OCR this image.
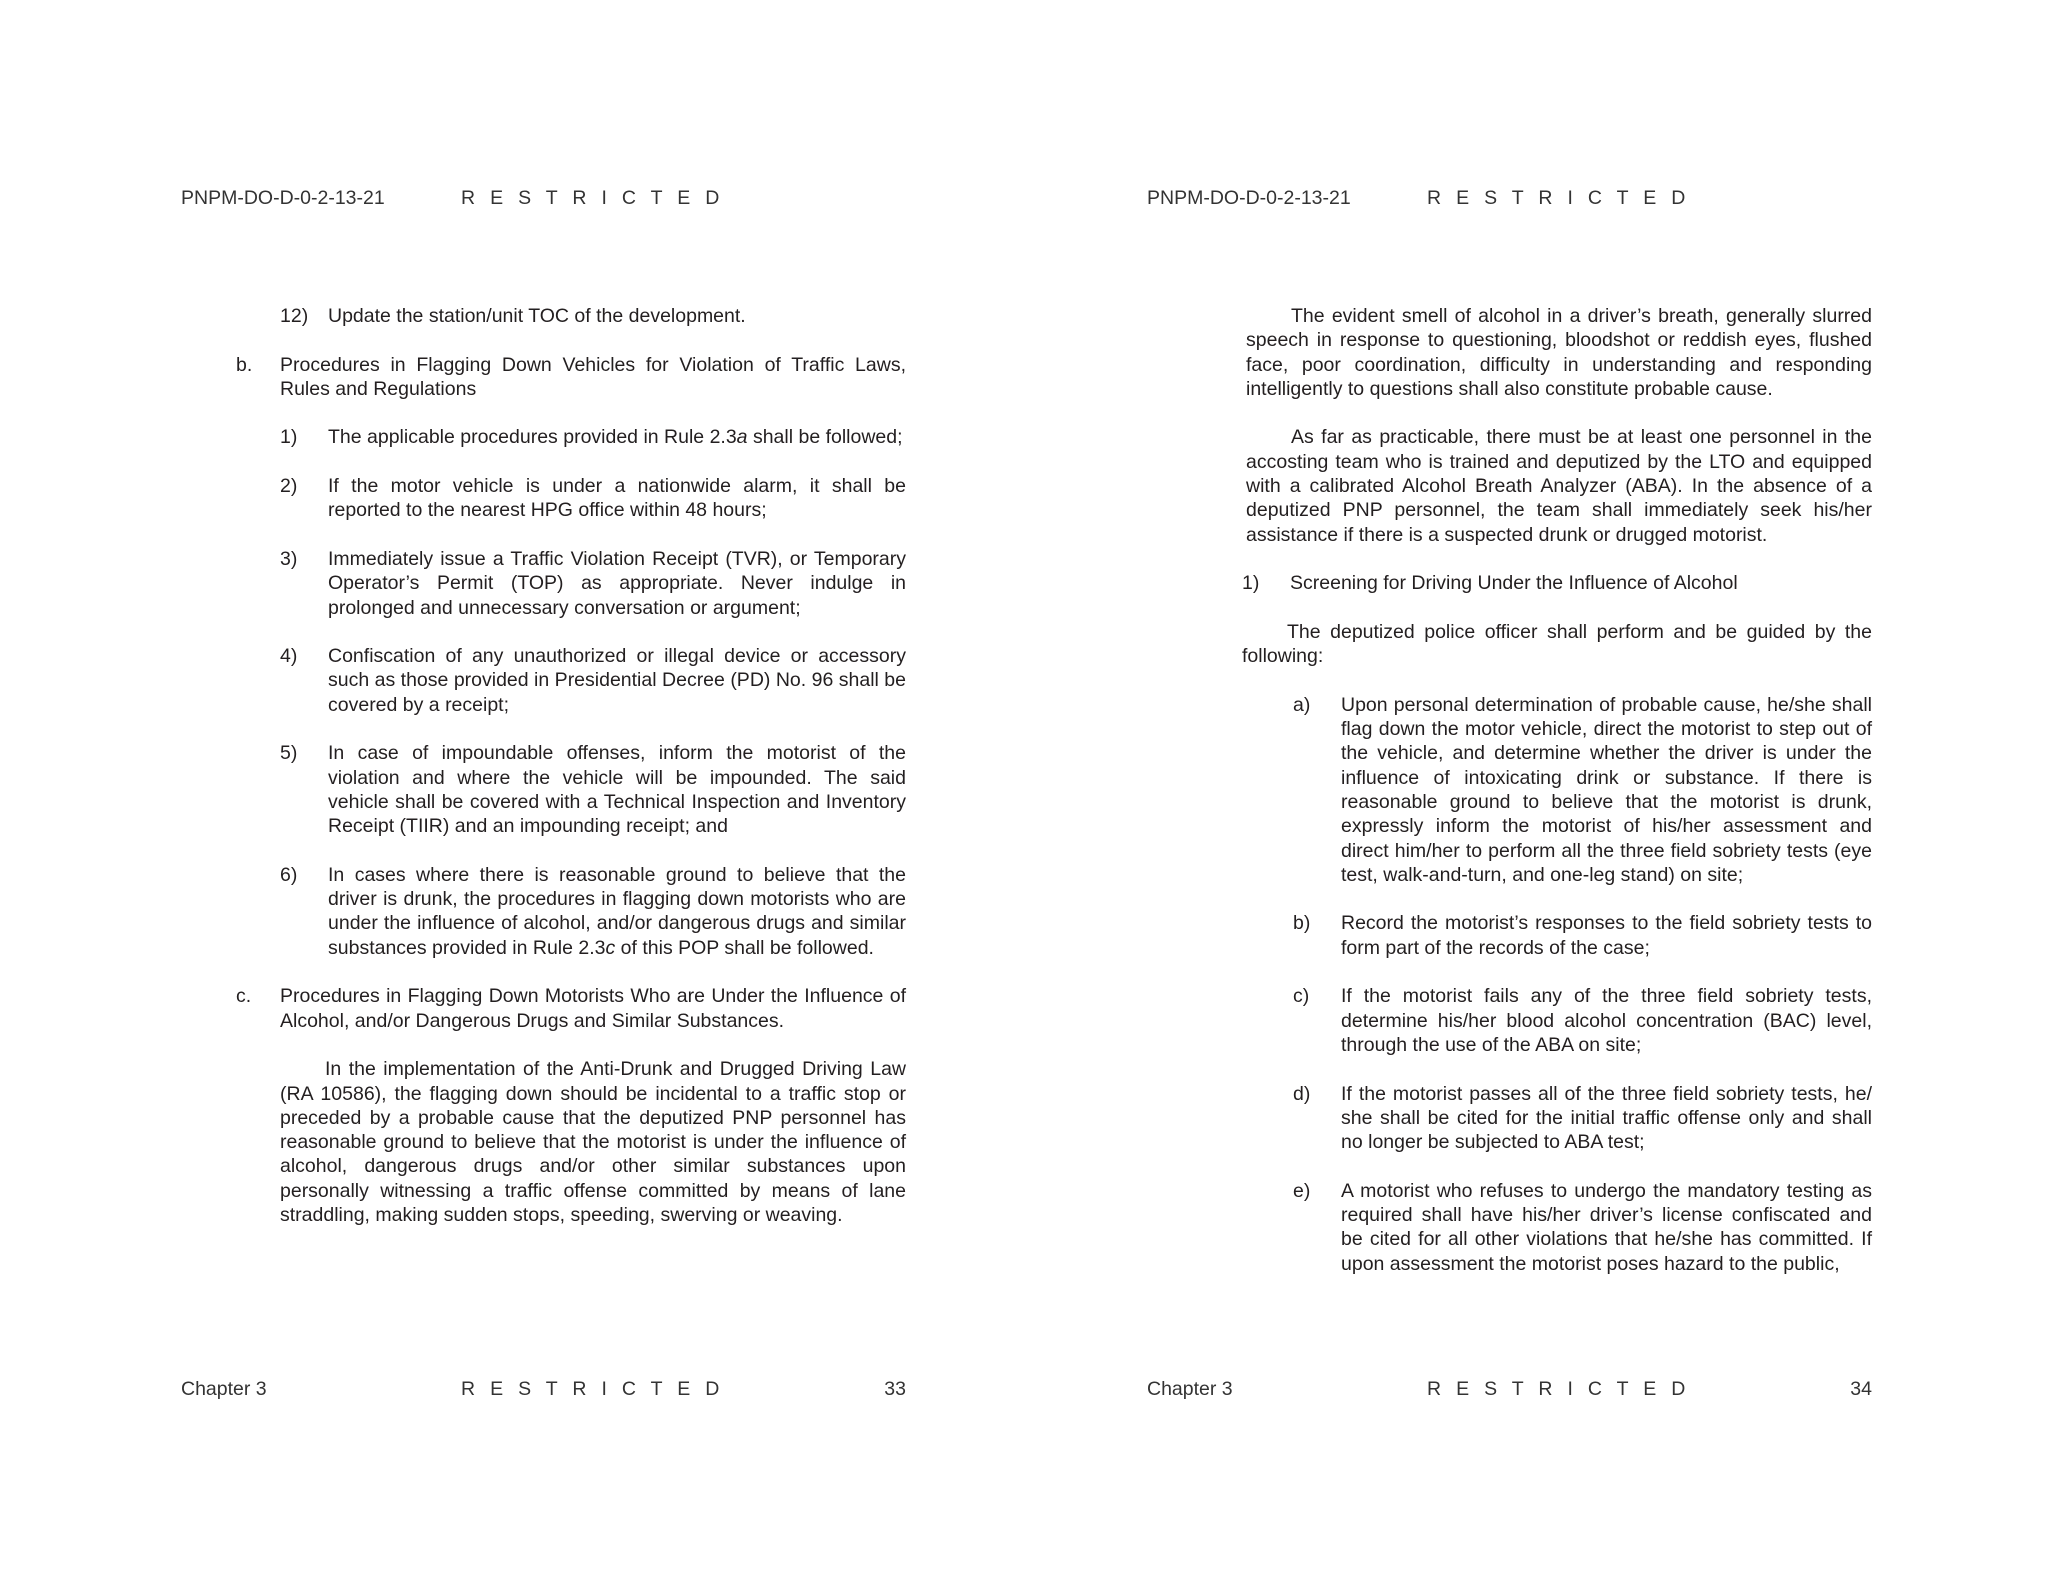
PNPM-DO-D-0-2-13-21	R E S T R I C T E D
12) Update the station/unit TOC of the development.
b. Procedures in Flagging Down Vehicles for Violation of Traffic Laws, Rules and Regulations
1) The applicable procedures provided in Rule 2.3a shall be followed;
2) If the motor vehicle is under a nationwide alarm, it shall be reported to the nearest HPG office within 48 hours;
3) Immediately issue a Traffic Violation Receipt (TVR), or Temporary Operator’s Permit (TOP) as appropriate. Never indulge in prolonged and unnecessary conversation or argument;
4) Confiscation of any unauthorized or illegal device or accessory such as those provided in Presidential Decree (PD) No. 96 shall be covered by a receipt;
5) In case of impoundable offenses, inform the motorist of the violation and where the vehicle will be impounded. The said vehicle shall be covered with a Technical Inspection and Inventory Receipt (TIIR) and an impounding receipt; and
6) In cases where there is reasonable ground to believe that the driver is drunk, the procedures in flagging down motorists who are under the influence of alcohol, and/or dangerous drugs and similar substances provided in Rule 2.3c of this POP shall be followed.
c. Procedures in Flagging Down Motorists Who are Under the Influence of Alcohol, and/or Dangerous Drugs and Similar Substances.

In the implementation of the Anti-Drunk and Drugged Driving Law (RA 10586), the flagging down should be incidental to a traffic stop or preceded by a probable cause that the deputized PNP personnel has reasonable ground to believe that the motorist is under the influence of alcohol, dangerous drugs and/or other similar substances upon personally witnessing a traffic offense committed by means of lane straddling, making sudden stops, speeding, swerving or weaving.

Chapter 3	R E S T R I C T E D	33
PNPM-DO-D-0-2-13-21	R E S T R I C T E D

The evident smell of alcohol in a driver’s breath, generally slurred speech in response to questioning, bloodshot or reddish eyes, flushed face, poor coordination, difficulty in understanding and responding intelligently to questions shall also constitute probable cause.

As far as practicable, there must be at least one personnel in the accosting team who is trained and deputized by the LTO and equipped with a calibrated Alcohol Breath Analyzer (ABA). In the absence of a deputized PNP personnel, the team shall immediately seek his/her assistance if there is a suspected drunk or drugged motorist.

1) Screening for Driving Under the Influence of Alcohol

The deputized police officer shall perform and be guided by the following:

a) Upon personal determination of probable cause, he/she shall flag down the motor vehicle, direct the motorist to step out of the vehicle, and determine whether the driver is under the influence of intoxicating drink or substance. If there is reasonable ground to believe that the motorist is drunk, expressly inform the motorist of his/her assessment and direct him/her to perform all the three field sobriety tests (eye test, walk-and-turn, and one-leg stand) on site;
b) Record the motorist’s responses to the field sobriety tests to form part of the records of the case;
c) If the motorist fails any of the three field sobriety tests, determine his/her blood alcohol concentration (BAC) level, through the use of the ABA on site;
d) If the motorist passes all of the three field sobriety tests, he/ she shall be cited for the initial traffic offense only and shall no longer be subjected to ABA test;
e) A motorist who refuses to undergo the mandatory testing as required shall have his/her driver’s license confiscated and be cited for all other violations that he/she has committed. If upon assessment the motorist poses hazard to the public,
Chapter 3	R E S T R I C T E D	34
